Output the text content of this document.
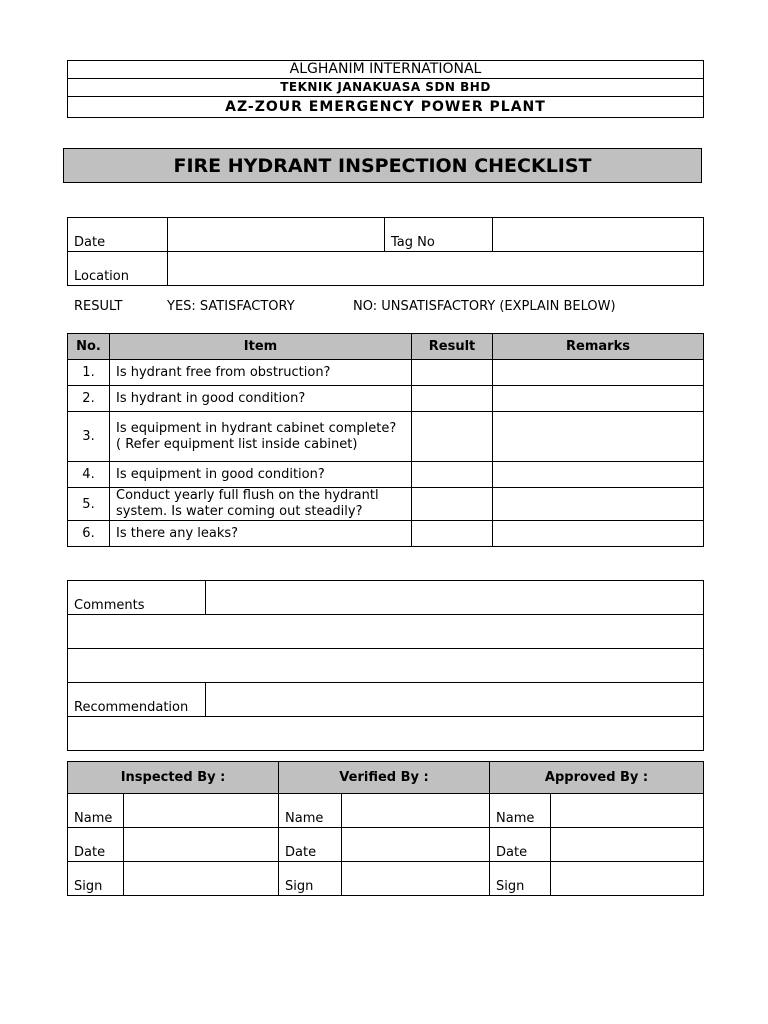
ALGHANIM INTERNATIONAL
TEKNIK JANAKUASA SDN BHD
AZ-ZOUR EMERGENCY POWER PLANT
FIRE HYDRANT INSPECTION CHECKLIST
Date		Tag No	
Location			
RESULT	YES: SATISFACTORY	NO: UNSATISFACTORY (EXPLAIN BELOW)
No.	Item	Result	Remarks
1.	Is hydrant free from obstruction?		
2.	Is hydrant in good condition?		
3.	Is equipment in hydrant cabinet complete? ( Refer equipment list inside cabinet)		
4.	Is equipment in good condition?		
5.	Conduct yearly full flush on the hydrantl system. Is water coming out steadily?		
6.	Is there any leaks?		
Comments	

Recommendation	

Inspected By :		Verified By :		Approved By :	
Name		Name		Name	
Date		Date		Date	
Sign		Sign		Sign	
